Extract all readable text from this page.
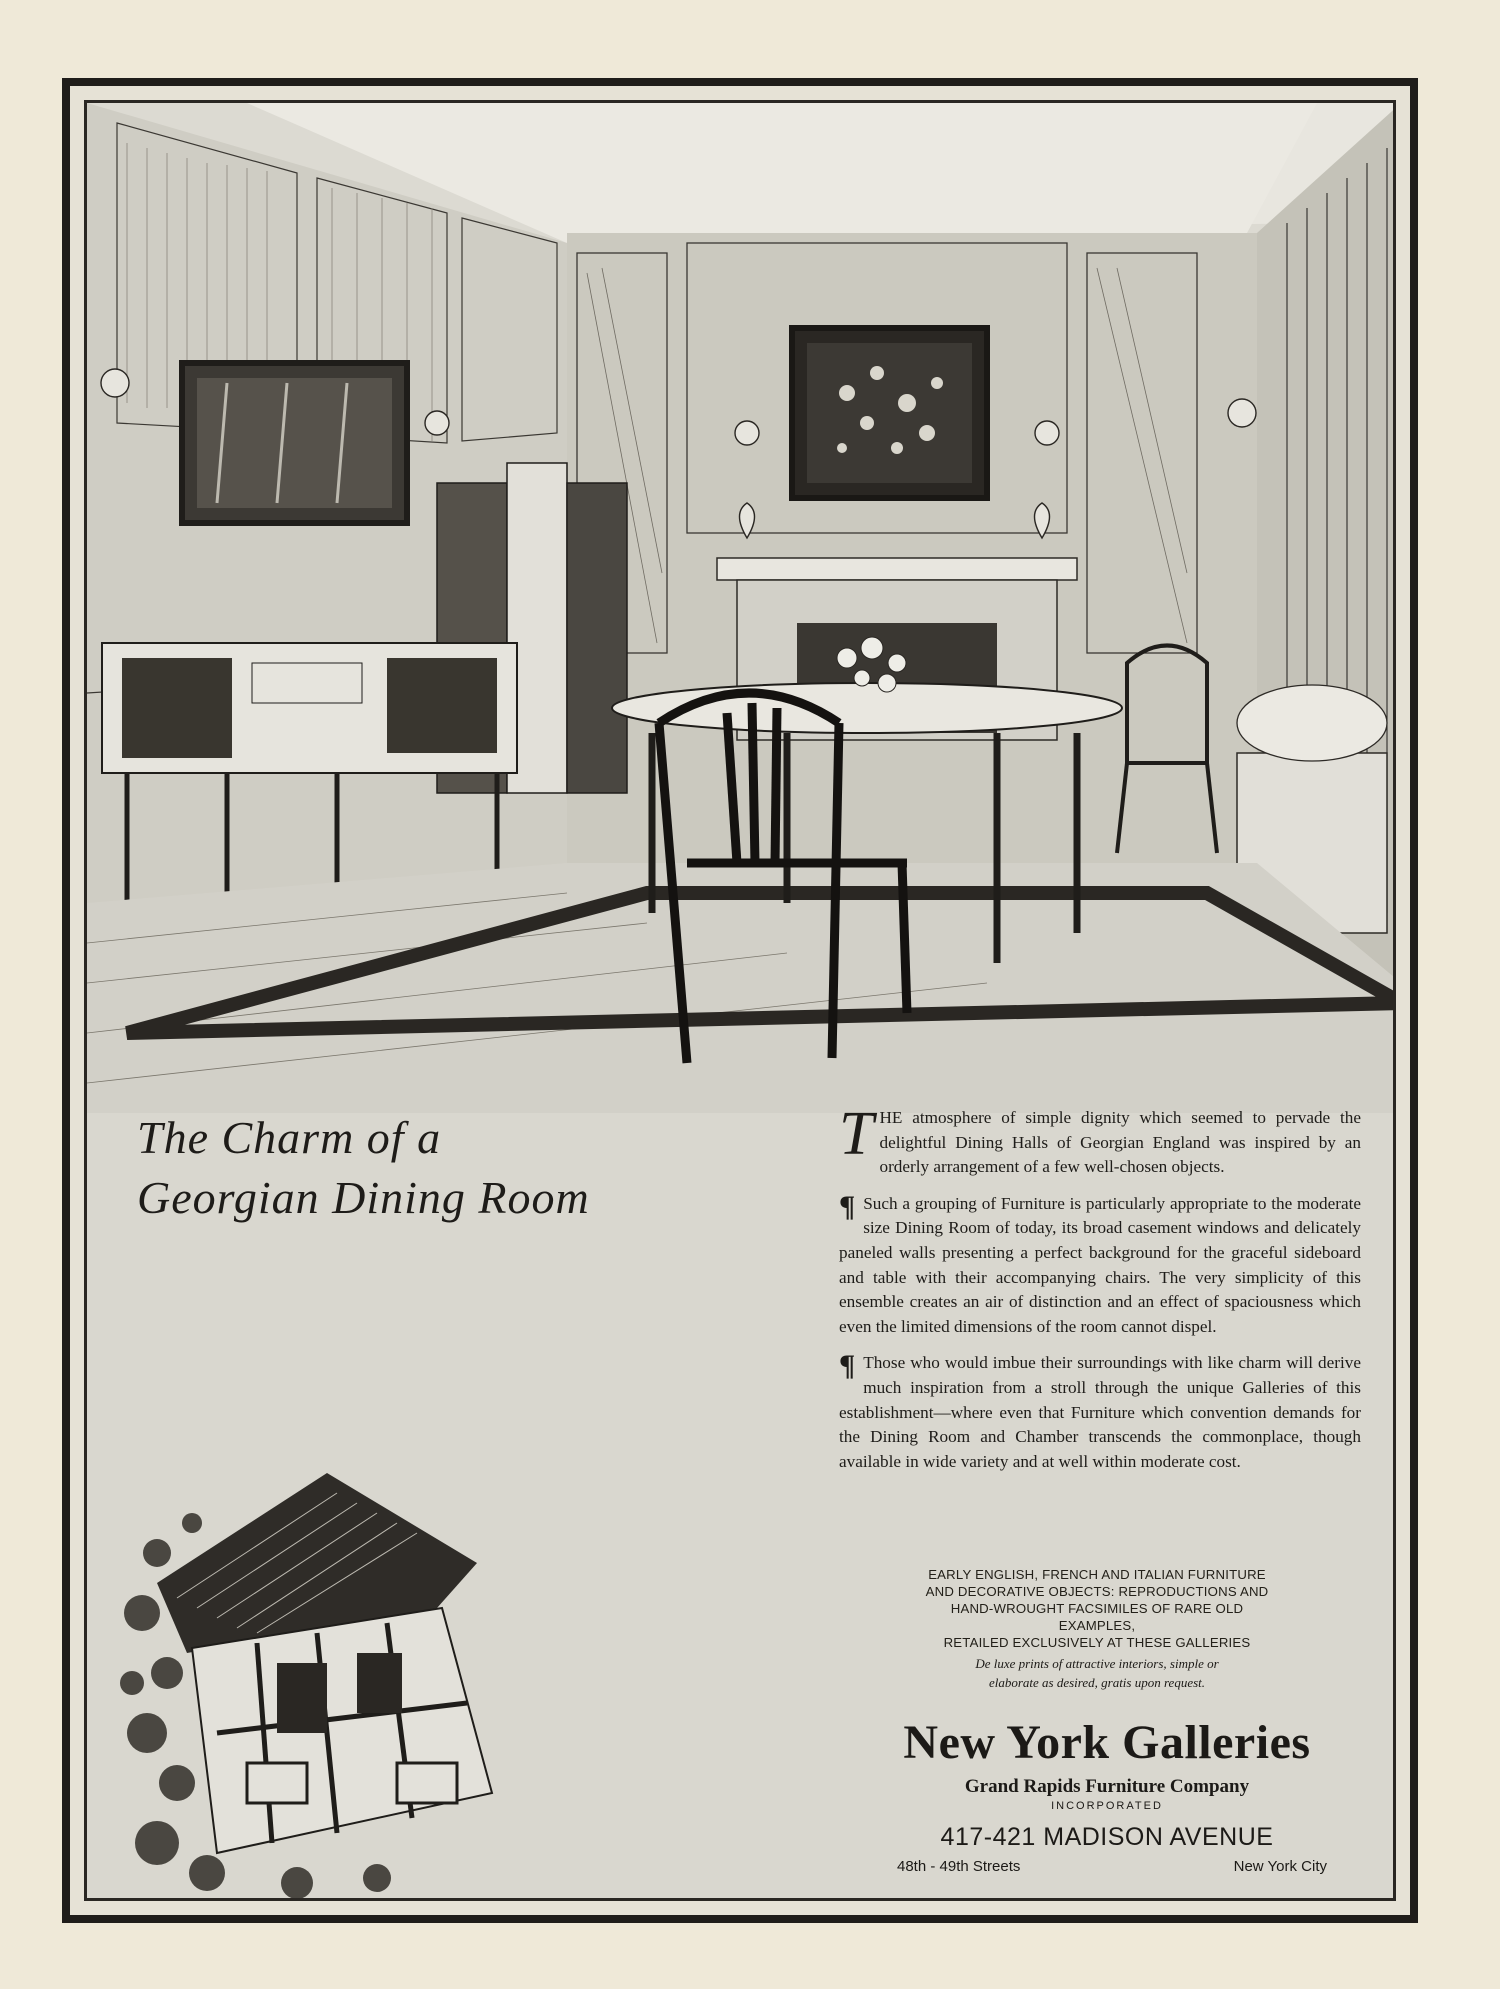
The Charm of a
Georgian Dining Room

THE atmosphere of simple dignity which seemed to pervade the delightful Dining Halls of Georgian England was inspired by an orderly arrangement of a few well-chosen objects.

¶ Such a grouping of Furniture is particularly appropriate to the moderate size Dining Room of today, its broad casement windows and delicately paneled walls presenting a perfect background for the graceful sideboard and table with their accompanying chairs. The very simplicity of this ensemble creates an air of distinction and an effect of spaciousness which even the limited dimensions of the room cannot dispel.

¶ Those who would imbue their surroundings with like charm will derive much inspiration from a stroll through the unique Galleries of this establishment—where even that Furniture which convention demands for the Dining Room and Chamber transcends the commonplace, though available in wide variety and at well within moderate cost.

EARLY ENGLISH, FRENCH AND ITALIAN FURNITURE
AND DECORATIVE OBJECTS: REPRODUCTIONS AND
HAND-WROUGHT FACSIMILES OF RARE OLD EXAMPLES,
RETAILED EXCLUSIVELY AT THESE GALLERIES
De luxe prints of attractive interiors, simple or
elaborate as desired, gratis upon request.
New York Galleries
Grand Rapids Furniture Company
INCORPORATED
417-421 MADISON AVENUE
48th - 49th Streets	New York City
